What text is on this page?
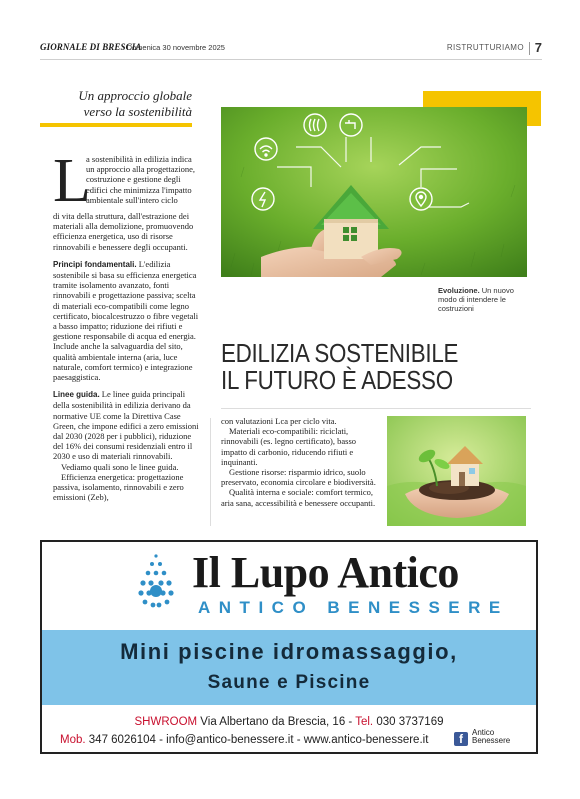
GIORNALE DI BRESCIA
· Domenica 30 novembre 2025	RISTRUTTURIAMO 7
Un approccio globale
verso la sostenibilità
L
a sostenibilità in edilizia indica un approccio alla progettazione, costruzione e gestione degli edifici che minimizza l'impatto ambientale sull'intero ciclo

di vita della struttura, dall'estrazione dei materiali alla demolizione, promuovendo efficienza energetica, uso di risorse rinnovabili e benessere degli occupanti.

Principi fondamentali. L'edilizia sostenibile si basa su efficienza energetica tramite isolamento avanzato, fonti rinnovabili e progettazione passiva; scelta di materiali eco-compatibili come legno certificato, biocalcestruzzo o fibre vegetali a basso impatto; riduzione dei rifiuti e gestione responsabile di acqua ed energia. Include anche la salvaguardia del sito, qualità ambientale interna (aria, luce naturale, comfort termico) e integrazione paesaggistica.

Linee guida. Le linee guida principali della sostenibilità in edilizia derivano da normative UE come la Direttiva Case Green, che impone edifici a zero emissioni dal 2030 (2028 per i pubblici), riduzione del 16% dei consumi residenziali entro il 2030 e uso di materiali rinnovabili.

Vediamo quali sono le linee guida.

Efficienza energetica: progettazione passiva, isolamento, rinnovabili e zero emissioni (Zeb),

con valutazioni Lca per ciclo vita.

Materiali eco-compatibili: riciclati, rinnovabili (es. legno certificato), basso impatto di carbonio, riducendo rifiuti e inquinanti.

Gestione risorse: risparmio idrico, suolo preservato, economia circolare e biodiversità.

Qualità interna e sociale: comfort termico, aria sana, accessibilità e benessere occupanti.

Evoluzione. Un nuovo modo di intendere le costruzioni
EDILIZIA SOSTENIBILE
IL FUTURO È ADESSO
Il Lupo Antico
ANTICO BENESSERE
Mini piscine idromassaggio,
Saune e Piscine
SHWROOM Via Albertano da Brescia, 16 - Tel. 030 3737169
Mob. 347 6026104 - info@antico-benessere.it - www.antico-benessere.it	f	Antico
Benessere
